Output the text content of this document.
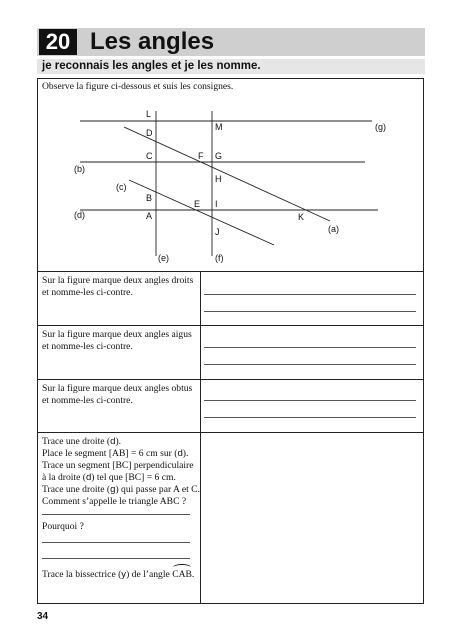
20 Les angles
je reconnais les angles et je les nomme.
Observe la figure ci-dessous et suis les consignes.
L
M	(g)
D
C	F G
(b)
H
(c)
B
E I
(d)	A	K
(a)
J
(e)	(f)
Sur la figure marque deux angles droits
et nomme-les ci-contre.
Sur la figure marque deux angles aigus
et nomme-les ci-contre.
Sur la figure marque deux angles obtus
et nomme-les ci-contre.
Trace une droite (d).
Place le segment [AB] = 6 cm sur (d).
Trace un segment [BC] perpendiculaire
à la droite (d) tel que [BC] = 6 cm.
Trace une droite (g) qui passe par A et C.
Comment s’appelle le triangle ABC ?
Pourquoi ?
Trace la bissectrice (y) de l’angle
CAB.
34
